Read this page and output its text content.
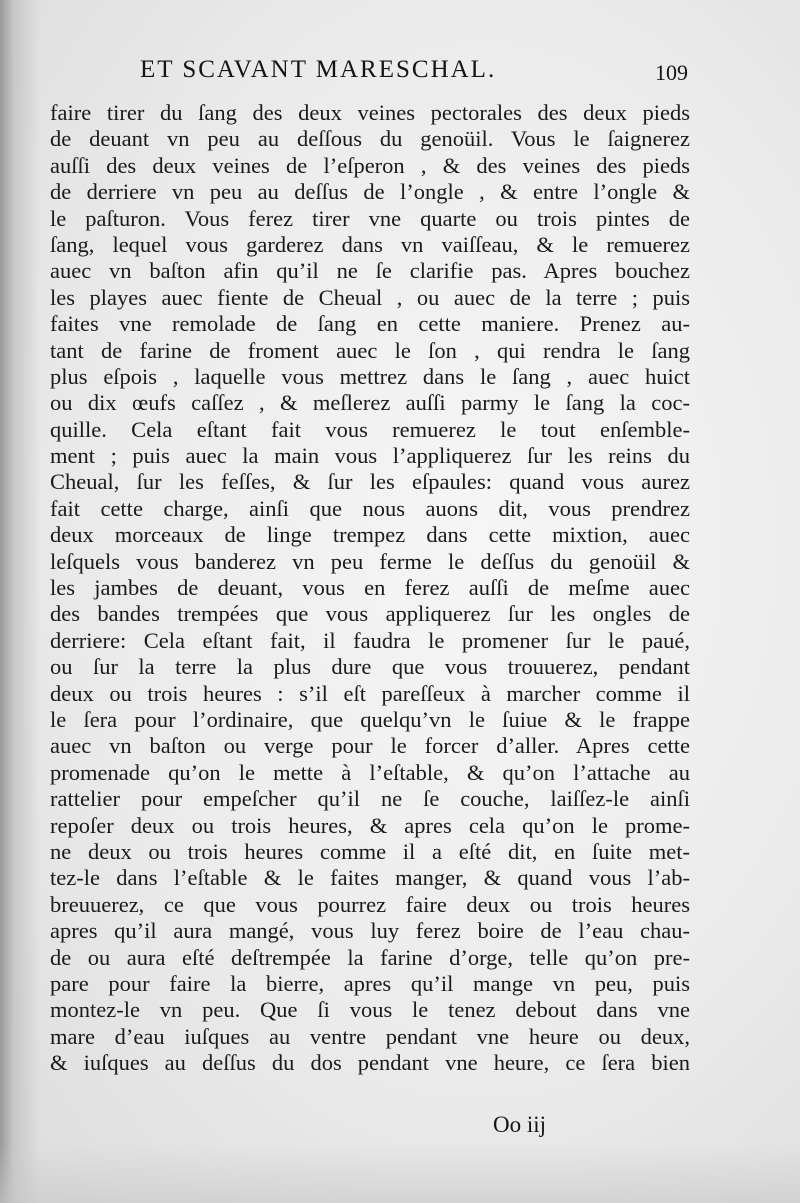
ET SCAVANT MARESCHAL.	109
faire tirer du ſang des deux veines pectorales des deux pieds
de deuant vn peu au deſſous du genoüil. Vous le ſaignerez
auſſi des deux veines de l’eſperon , & des veines des pieds
de derriere vn peu au deſſus de l’ongle , & entre l’ongle &
le paſturon. Vous ferez tirer vne quarte ou trois pintes de
ſang, lequel vous garderez dans vn vaiſſeau, & le remuerez
auec vn baſton afin qu’il ne ſe clarifie pas. Apres bouchez
les playes auec fiente de Cheual , ou auec de la terre ; puis
faites vne remolade de ſang en cette maniere. Prenez au-
tant de farine de froment auec le ſon , qui rendra le ſang
plus eſpois , laquelle vous mettrez dans le ſang , auec huict
ou dix œufs caſſez , & meſlerez auſſi parmy le ſang la coc-
quille. Cela eſtant fait vous remuerez le tout enſemble-
ment ; puis auec la main vous l’appliquerez ſur les reins du
Cheual, ſur les feſſes, & ſur les eſpaules: quand vous aurez
fait cette charge, ainſi que nous auons dit, vous prendrez
deux morceaux de linge trempez dans cette mixtion, auec
leſquels vous banderez vn peu ferme le deſſus du genoüil &
les jambes de deuant, vous en ferez auſſi de meſme auec
des bandes trempées que vous appliquerez ſur les ongles de
derriere: Cela eſtant fait, il faudra le promener ſur le paué,
ou ſur la terre la plus dure que vous trouuerez, pendant
deux ou trois heures : s’il eſt pareſſeux à marcher comme il
le ſera pour l’ordinaire, que quelqu’vn le ſuiue & le frappe
auec vn baſton ou verge pour le forcer d’aller. Apres cette
promenade qu’on le mette à l’eſtable, & qu’on l’attache au
rattelier pour empeſcher qu’il ne ſe couche, laiſſez-le ainſi
repoſer deux ou trois heures, & apres cela qu’on le prome-
ne deux ou trois heures comme il a eſté dit, en ſuite met-
tez-le dans l’eſtable & le faites manger, & quand vous l’ab-
breuuerez, ce que vous pourrez faire deux ou trois heures
apres qu’il aura mangé, vous luy ferez boire de l’eau chau-
de ou aura eſté deſtrempée la farine d’orge, telle qu’on pre-
pare pour faire la bierre, apres qu’il mange vn peu, puis
montez-le vn peu. Que ſi vous le tenez debout dans vne
mare d’eau iuſques au ventre pendant vne heure ou deux,
& iuſques au deſſus du dos pendant vne heure, ce ſera bien
Oo iij
